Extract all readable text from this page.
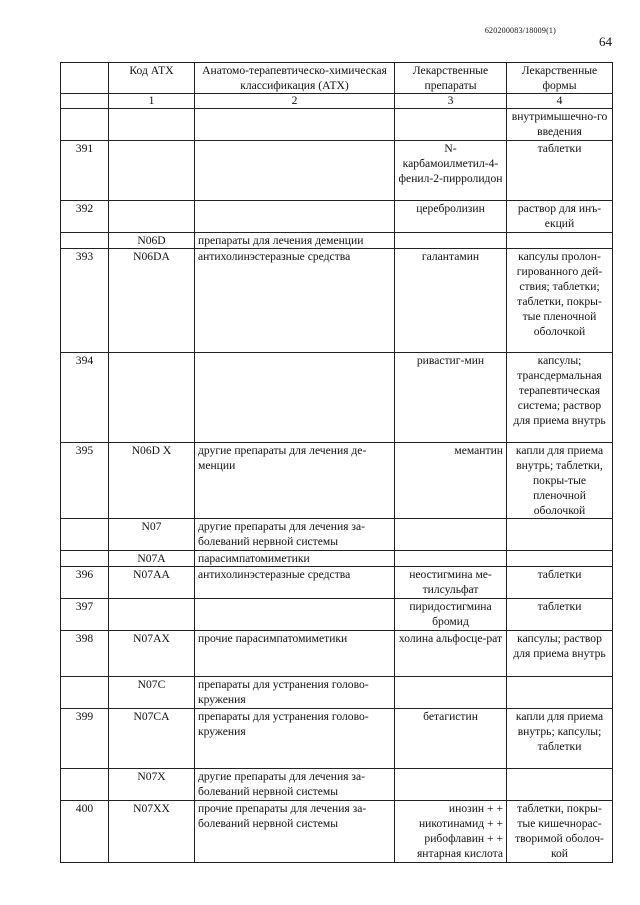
620200083/18009(1)
64
	Код АТХ	Анатомо-терапевтическо-химическая классификация (АТХ)	Лекарственные препараты	Лекарственные формы
	1	2	3	4
				внутримышечно-го введения
391			N-карбамоилметил-4-фенил-2-пирролидон	таблетки
392			церебролизин	раствор для инъ-екций
	N06D	препараты для лечения деменции		
393	N06DA	антихолинэстеразные средства	галантамин	капсулы пролон-гированного дей-ствия; таблетки; таблетки, покры-тые пленочной оболочкой
394			ривастиг-мин	капсулы; трансдермальная терапевтическая система; раствор для приема внутрь
395	N06D X	другие препараты для лечения де-менции	мемантин	капли для приема внутрь; таблетки, покры-тые пленочной оболочкой
	N07	другие препараты для лечения за-болеваний нервной системы		
	N07A	парасимпатомиметики		
396	N07AA	антихолинэстеразные средства	неостигмина ме-тилсульфат	таблетки
397			пиридостигмина бромид	таблетки
398	N07AX	прочие парасимпатомиметики	холина альфосце-рат	капсулы; раствор для приема внутрь
	N07C	препараты для устранения голово-кружения		
399	N07CA	препараты для устранения голово-кружения	бетагистин	капли для приема внутрь; капсулы; таблетки
	N07X	другие препараты для лечения за-болеваний нервной системы		
400	N07XX	прочие препараты для лечения за-болеваний нервной системы	инозин + + никотинамид + + рибофлавин + + янтарная кислота	таблетки, покры-тые кишечнорас-творимой оболоч-кой
